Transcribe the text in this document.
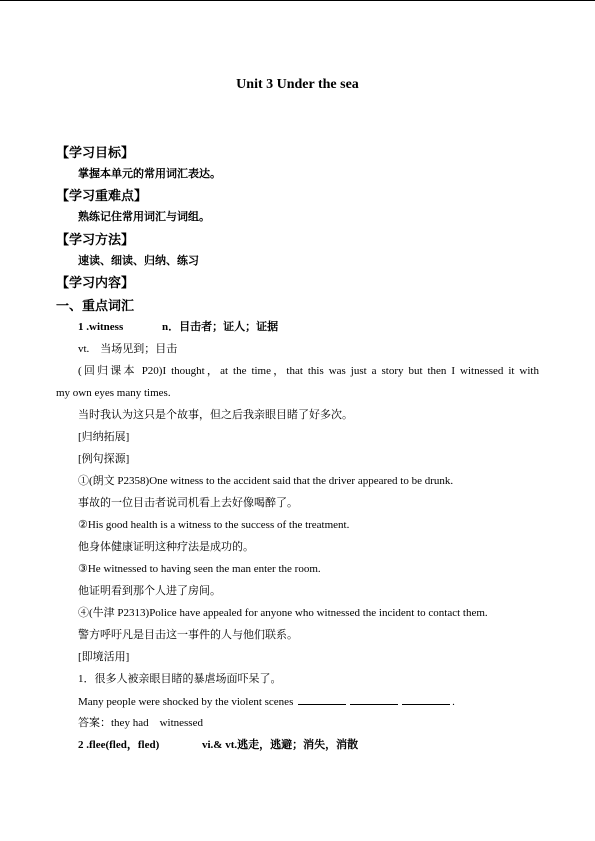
Unit 3 Under the sea
【学习目标】
掌握本单元的常用词汇表达。
【学习重难点】
熟练记住常用词汇与词组。
【学习方法】
速读、细读、归纳、练习
【学习内容】
一、重点词汇
1 .witness	n．目击者；证人；证据
vt.　当场见到；目击
(回归课本 P20)I thought，at the time，that this was just a story but then I witnessed it with
my own eyes many times.
当时我认为这只是个故事，但之后我亲眼目睹了好多次。
[归纳拓展]
[例句探源]
①(朗文 P2358)One witness to the accident said that the driver appeared to be drunk.
事故的一位目击者说司机看上去好像喝醉了。
②His good health is a witness to the success of the treatment.
他身体健康证明这种疗法是成功的。
③He witnessed to having seen the man enter the room.
他证明看到那个人进了房间。
④(牛津 P2313)Police have appealed for anyone who witnessed the incident to contact them.
警方呼吁凡是目击这一事件的人与他们联系。
[即境活用]
1．很多人被亲眼目睹的暴虐场面吓呆了。
Many people were shocked by the violent scenes	.
答案：they had　witnessed
2 .flee(fled，fled)	vi.& vt.逃走，逃避；消失，消散
